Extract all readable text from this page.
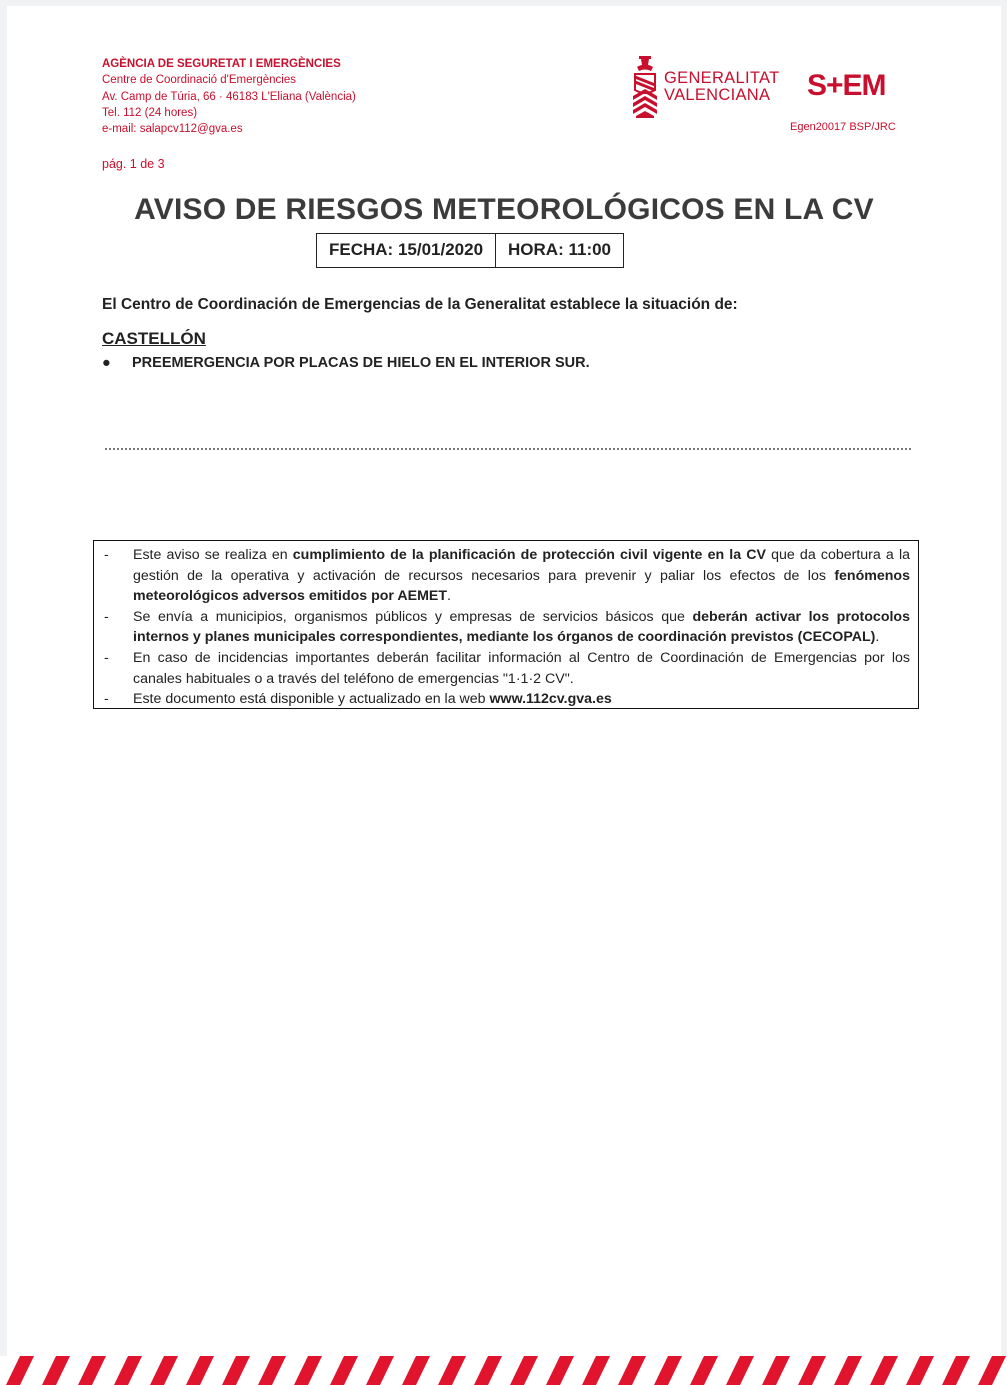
AGÈNCIA DE SEGURETAT I EMERGÈNCIES
Centre de Coordinació d'Emergències
Av. Camp de Túria, 66 · 46183 L'Eliana (València)
Tel. 112 (24 hores)
e-mail: salapcv112@gva.es
GENERALITAT
VALENCIANA	S+EM
Egen20017 BSP/JRC
pág. 1 de 3
AVISO DE RIESGOS METEOROLÓGICOS EN LA CV
FECHA: 15/01/2020	HORA: 11:00
El Centro de Coordinación de Emergencias de la Generalitat establece la situación de:
CASTELLÓN
● PREEMERGENCIA POR PLACAS DE HIELO EN EL INTERIOR SUR.
-	Este aviso se realiza en cumplimiento de la planificación de protección civil vigente en la CV que da cobertura a la gestión de la operativa y activación de recursos necesarios para prevenir y paliar los efectos de los fenómenos meteorológicos adversos emitidos por AEMET.
-	Se envía a municipios, organismos públicos y empresas de servicios básicos que deberán activar los protocolos internos y planes municipales correspondientes, mediante los órganos de coordinación previstos (CECOPAL).
-	En caso de incidencias importantes deberán facilitar información al Centro de Coordinación de Emergencias por los canales habituales o a través del teléfono de emergencias "1·1·2 CV".
-	Este documento está disponible y actualizado en la web www.112cv.gva.es
